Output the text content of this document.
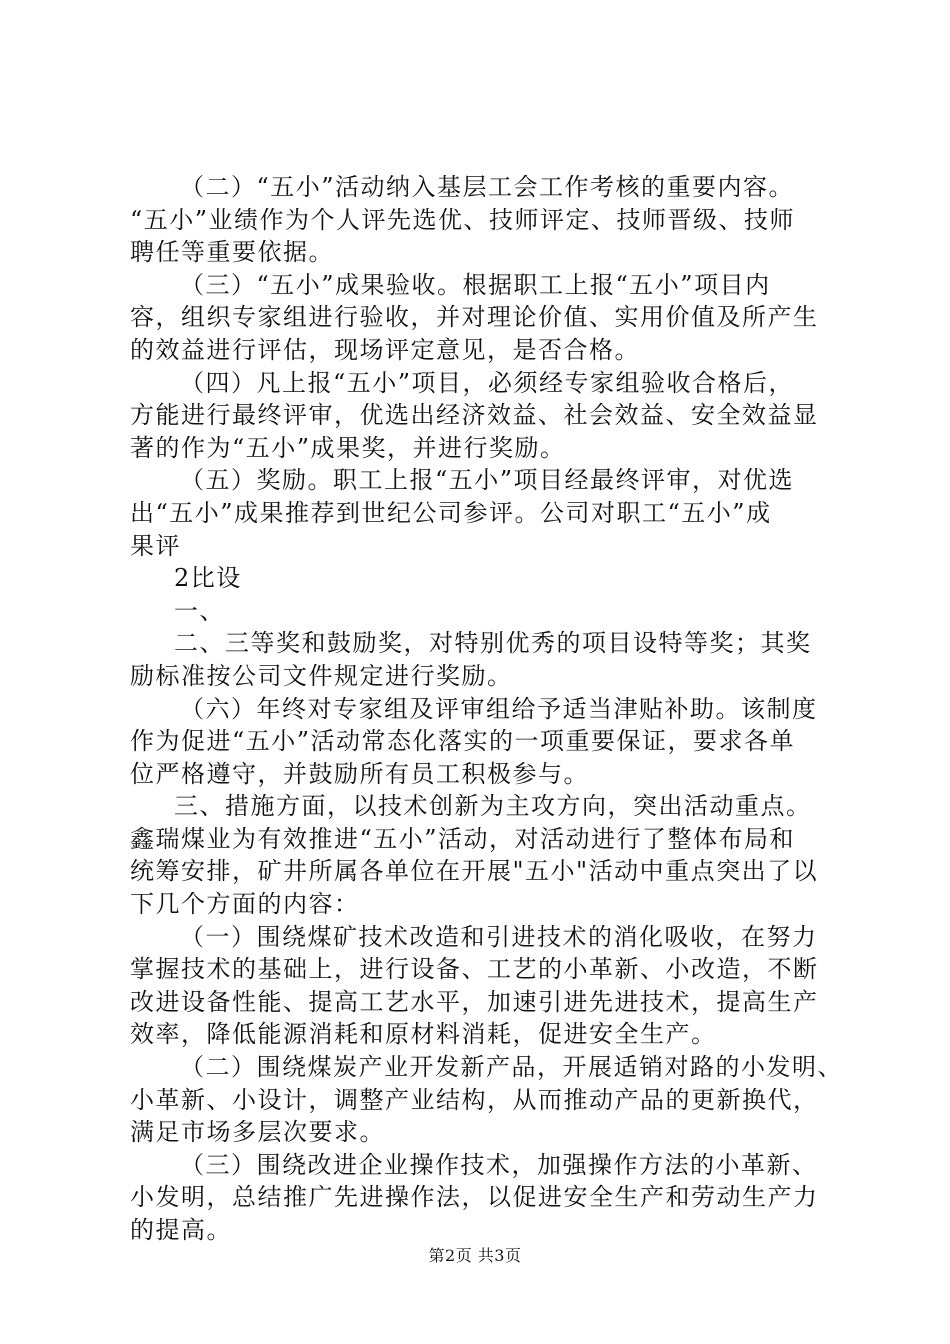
（二）“五小”活动纳入基层工会工作考核的重要内容。
“五小”业绩作为个人评先选优、技师评定、技师晋级、技师
聘任等重要依据。
（三）“五小”成果验收。根据职工上报“五小”项目内
容，组织专家组进行验收，并对理论价值、实用价值及所产生
的效益进行评估，现场评定意见，是否合格。
（四）凡上报“五小”项目，必须经专家组验收合格后，
方能进行最终评审，优选出经济效益、社会效益、安全效益显
著的作为“五小”成果奖，并进行奖励。
（五）奖励。职工上报“五小”项目经最终评审，对优选
出“五小”成果推荐到世纪公司参评。公司对职工“五小”成
果评
2比设
一、
二、三等奖和鼓励奖，对特别优秀的项目设特等奖；其奖
励标准按公司文件规定进行奖励。
（六）年终对专家组及评审组给予适当津贴补助。该制度
作为促进“五小”活动常态化落实的一项重要保证，要求各单
位严格遵守，并鼓励所有员工积极参与。
三、措施方面，以技术创新为主攻方向，突出活动重点。
鑫瑞煤业为有效推进“五小”活动，对活动进行了整体布局和
统筹安排，矿井所属各单位在开展"五小"活动中重点突出了以
下几个方面的内容：
（一）围绕煤矿技术改造和引进技术的消化吸收，在努力
掌握技术的基础上，进行设备、工艺的小革新、小改造，不断
改进设备性能、提高工艺水平，加速引进先进技术，提高生产
效率，降低能源消耗和原材料消耗，促进安全生产。
（二）围绕煤炭产业开发新产品，开展适销对路的小发明、
小革新、小设计，调整产业结构，从而推动产品的更新换代，
满足市场多层次要求。
（三）围绕改进企业操作技术，加强操作方法的小革新、
小发明，总结推广先进操作法，以促进安全生产和劳动生产力
的提高。
第2页 共3页
